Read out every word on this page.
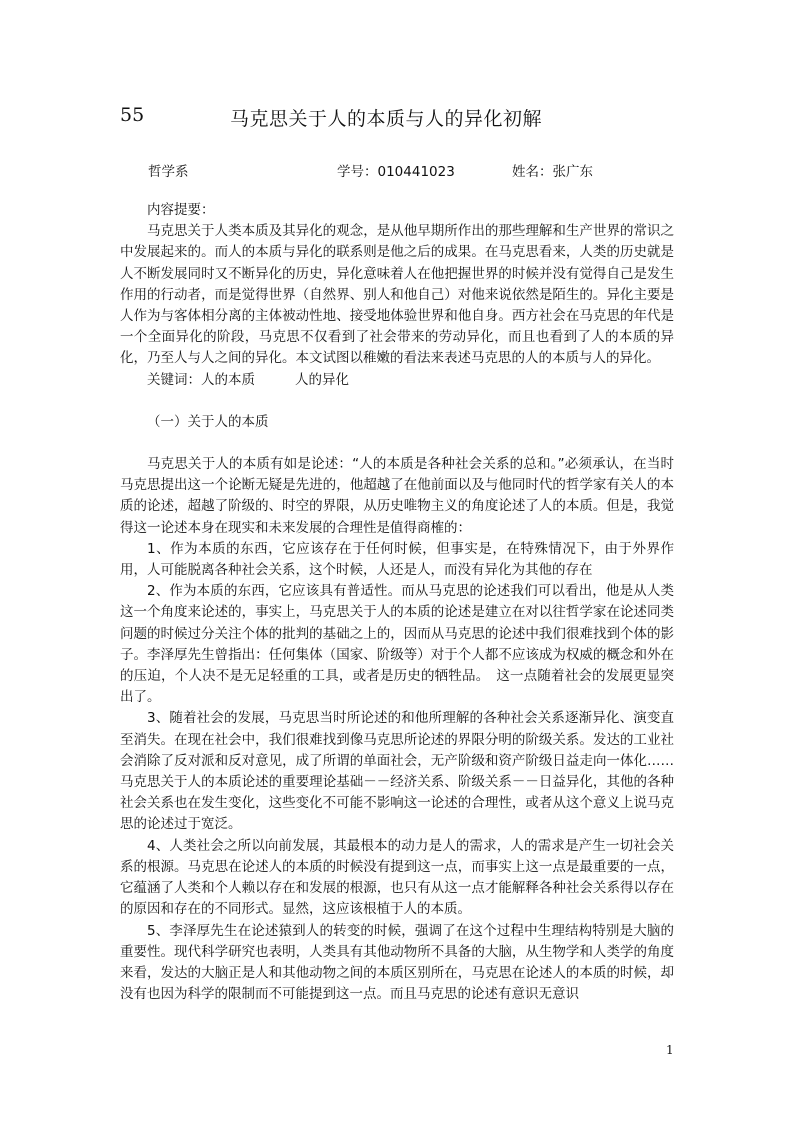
55	马克思关于人的本质与人的异化初解
哲学系	学号：010441023	姓名：张广东

内容提要：

马克思关于人类本质及其异化的观念，是从他早期所作出的那些理解和生产世界的常识之中发展起来的。而人的本质与异化的联系则是他之后的成果。在马克思看来，人类的历史就是人不断发展同时又不断异化的历史，异化意味着人在他把握世界的时候并没有觉得自己是发生作用的行动者，而是觉得世界（自然界、别人和他自己）对他来说依然是陌生的。异化主要是人作为与客体相分离的主体被动性地、接受地体验世界和他自身。西方社会在马克思的年代是一个全面异化的阶段，马克思不仅看到了社会带来的劳动异化，而且也看到了人的本质的异化，乃至人与人之间的异化。本文试图以稚嫩的看法来表述马克思的人的本质与人的异化。

关键词：人的本质	人的异化

（一）关于人的本质

马克思关于人的本质有如是论述：“人的本质是各种社会关系的总和。”必须承认，在当时马克思提出这一个论断无疑是先进的，他超越了在他前面以及与他同时代的哲学家有关人的本质的论述，超越了阶级的、时空的界限，从历史唯物主义的角度论述了人的本质。但是，我觉得这一论述本身在现实和未来发展的合理性是值得商榷的：

1、作为本质的东西，它应该存在于任何时候，但事实是，在特殊情况下，由于外界作用，人可能脱离各种社会关系，这个时候，人还是人，而没有异化为其他的存在

2、作为本质的东西，它应该具有普适性。而从马克思的论述我们可以看出，他是从人类这一个角度来论述的，事实上，马克思关于人的本质的论述是建立在对以往哲学家在论述同类问题的时候过分关注个体的批判的基础之上的，因而从马克思的论述中我们很难找到个体的影子。李泽厚先生曾指出：任何集体（国家、阶级等）对于个人都不应该成为权威的概念和外在的压迫，个人决不是无足轻重的工具，或者是历史的牺牲品。　这一点随着社会的发展更显突出了。

3、随着社会的发展，马克思当时所论述的和他所理解的各种社会关系逐渐异化、演变直至消失。在现在社会中，我们很难找到像马克思所论述的界限分明的阶级关系。发达的工业社会消除了反对派和反对意见，成了所谓的单面社会，无产阶级和资产阶级日益走向一体化……马克思关于人的本质论述的重要理论基础－－经济关系、阶级关系－－日益异化，其他的各种社会关系也在发生变化，这些变化不可能不影响这一论述的合理性，或者从这个意义上说马克思的论述过于宽泛。

4、人类社会之所以向前发展，其最根本的动力是人的需求，人的需求是产生一切社会关系的根源。马克思在论述人的本质的时候没有提到这一点，而事实上这一点是最重要的一点，它蕴涵了人类和个人赖以存在和发展的根源，也只有从这一点才能解释各种社会关系得以存在的原因和存在的不同形式。显然，这应该根植于人的本质。

5、李泽厚先生在论述猿到人的转变的时候，强调了在这个过程中生理结构特别是大脑的重要性。现代科学研究也表明，人类具有其他动物所不具备的大脑，从生物学和人类学的角度来看，发达的大脑正是人和其他动物之间的本质区别所在，马克思在论述人的本质的时候，却没有也因为科学的限制而不可能提到这一点。而且马克思的论述有意识无意识

1
